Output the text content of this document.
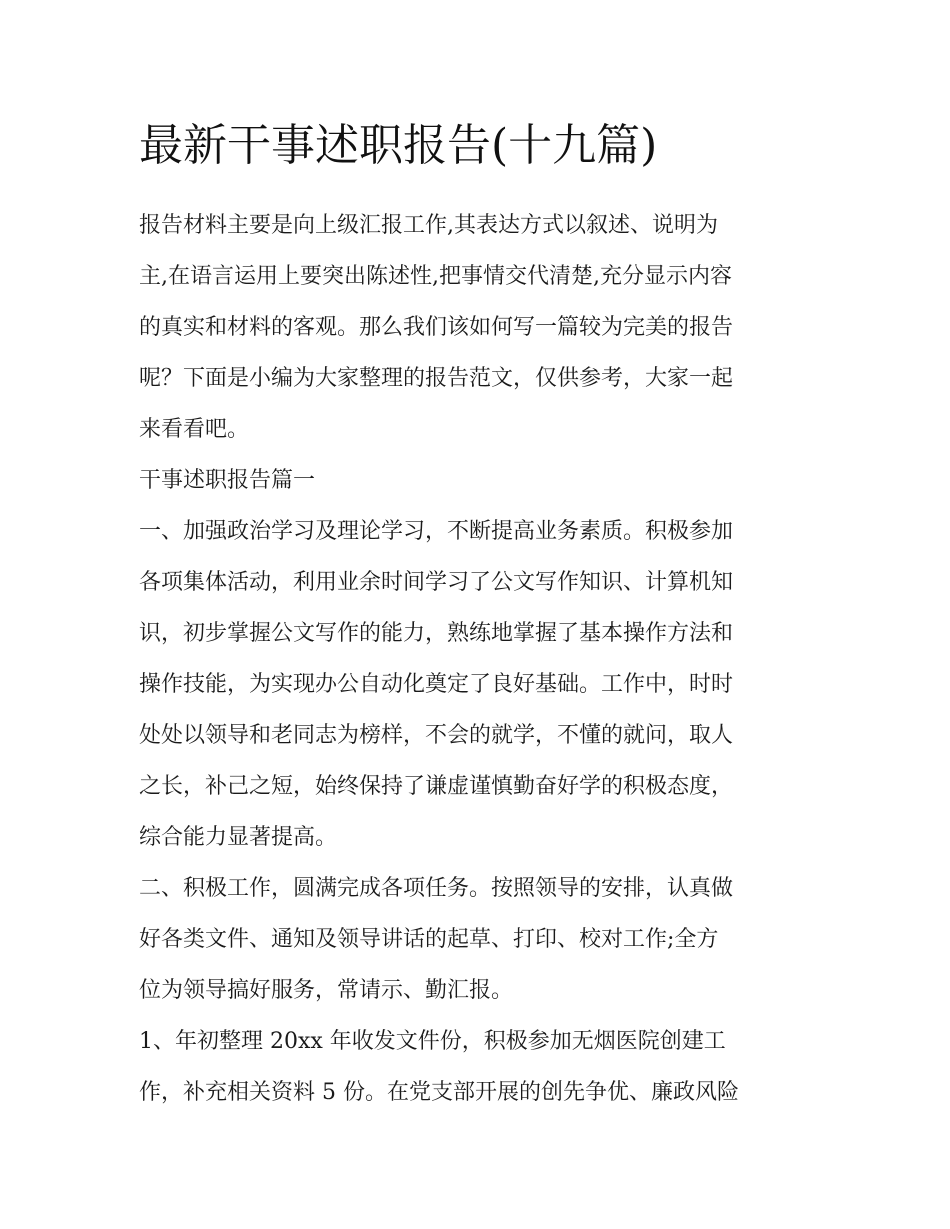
最新干事述职报告(十九篇)
报告材料主要是向上级汇报工作,其表达方式以叙述、说明为
主,在语言运用上要突出陈述性,把事情交代清楚,充分显示内容
的真实和材料的客观。那么我们该如何写一篇较为完美的报告
呢？下面是小编为大家整理的报告范文，仅供参考，大家一起
来看看吧。
干事述职报告篇一
一、加强政治学习及理论学习，不断提高业务素质。积极参加
各项集体活动，利用业余时间学习了公文写作知识、计算机知
识，初步掌握公文写作的能力，熟练地掌握了基本操作方法和
操作技能，为实现办公自动化奠定了良好基础。工作中，时时
处处以领导和老同志为榜样，不会的就学，不懂的就问，取人
之长，补己之短，始终保持了谦虚谨慎勤奋好学的积极态度，
综合能力显著提高。
二、积极工作，圆满完成各项任务。按照领导的安排，认真做
好各类文件、通知及领导讲话的起草、打印、校对工作;全方
位为领导搞好服务，常请示、勤汇报。
1、年初整理 20xx 年收发文件份，积极参加无烟医院创建工
作，补充相关资料 5 份。在党支部开展的创先争优、廉政风险
